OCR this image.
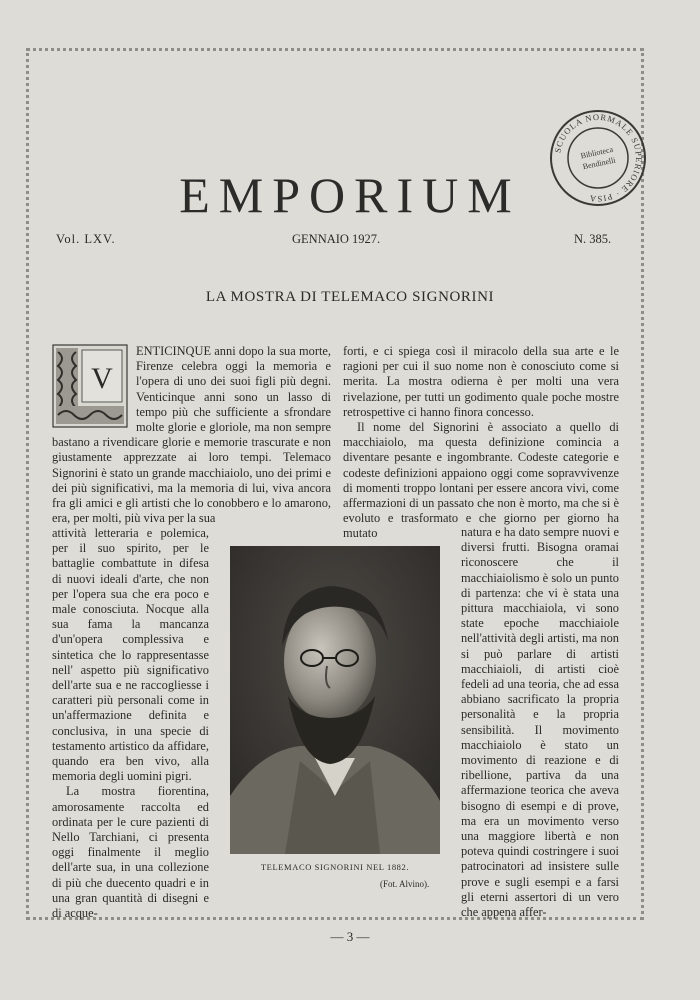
SCUOLA NORMALE SUPERIORE · PISA
Biblioteca
Bendinelli
EMPORIUM
Vol. LXV.	GENNAIO 1927.	N. 385.
LA MOSTRA DI TELEMACO SIGNORINI
V

ENTICINQUE anni dopo la sua morte, Firenze celebra oggi la memoria e l'opera di uno dei suoi figli più degni. Venticinque anni sono un lasso di tempo più che sufficiente a sfrondare molte glorie e gloriole, ma non sempre bastano a rivendicare glorie e memorie trascurate e non giustamente apprezzate ai loro tempi. Telemaco Signorini è stato un grande macchiaiolo, uno dei primi e dei più significativi, ma la memoria di lui, viva ancora fra gli amici e gli artisti che lo conobbero e lo amarono, era, per molti, più viva per la sua

attività letteraria e polemica, per il suo spirito, per le battaglie combattute in difesa di nuovi ideali d'arte, che non per l'opera sua che era poco e male conosciuta. Nocque alla sua fama la mancanza d'un'opera complessiva e sintetica che lo rappresentasse nell' aspetto più significativo dell'arte sua e ne raccogliesse i caratteri più personali come in un'affermazione definita e conclusiva, in una specie di testamento artistico da affidare, quando era ben vivo, alla memoria degli uomini pigri.

La mostra fiorentina, amorosamente raccolta ed ordinata per le cure pazienti di Nello Tarchiani, ci presenta oggi finalmente il meglio dell'arte sua, in una collezione di più che duecento quadri e in una gran quantità di disegni e di acque-

forti, e ci spiega così il miracolo della sua arte e le ragioni per cui il suo nome non è conosciuto come si merita. La mostra odierna è per molti una vera rivelazione, per tutti un godimento quale poche mostre retrospettive ci hanno finora concesso.

Il nome del Signorini è associato a quello di macchiaiolo, ma questa definizione comincia a diventare pesante e ingombrante. Codeste categorie e codeste definizioni appaiono oggi come sopravvivenze di momenti troppo lontani per essere ancora vivi, come affermazioni di un passato che non è morto, ma che si è evoluto e trasformato e che giorno per giorno ha mutato	natura e ha dato sempre nuovi e diversi frutti. Bisogna oramai riconoscere che il macchiaiolismo è solo un punto di partenza: che vi è stata una pittura macchiaiola, vi sono state epoche macchiaiole nell'attività degli artisti, ma non si può parlare di artisti macchiaioli, di artisti cioè fedeli ad una teoria, che ad essa abbiano sacrificato la propria personalità e la propria sensibilità. Il movimento macchiaiolo è stato un movimento di reazione e di ribellione, partiva da una affermazione teorica che aveva bisogno di esempi e di prove, ma era un movimento verso una maggiore libertà e non poteva quindi costringere i suoi patrocinatori ad insistere sulle prove e sugli esempi e a farsi gli eterni assertori di un vero che appena affer-

TELEMACO SIGNORINI NEL 1882.
(Fot. Alvino).
— 3 —
